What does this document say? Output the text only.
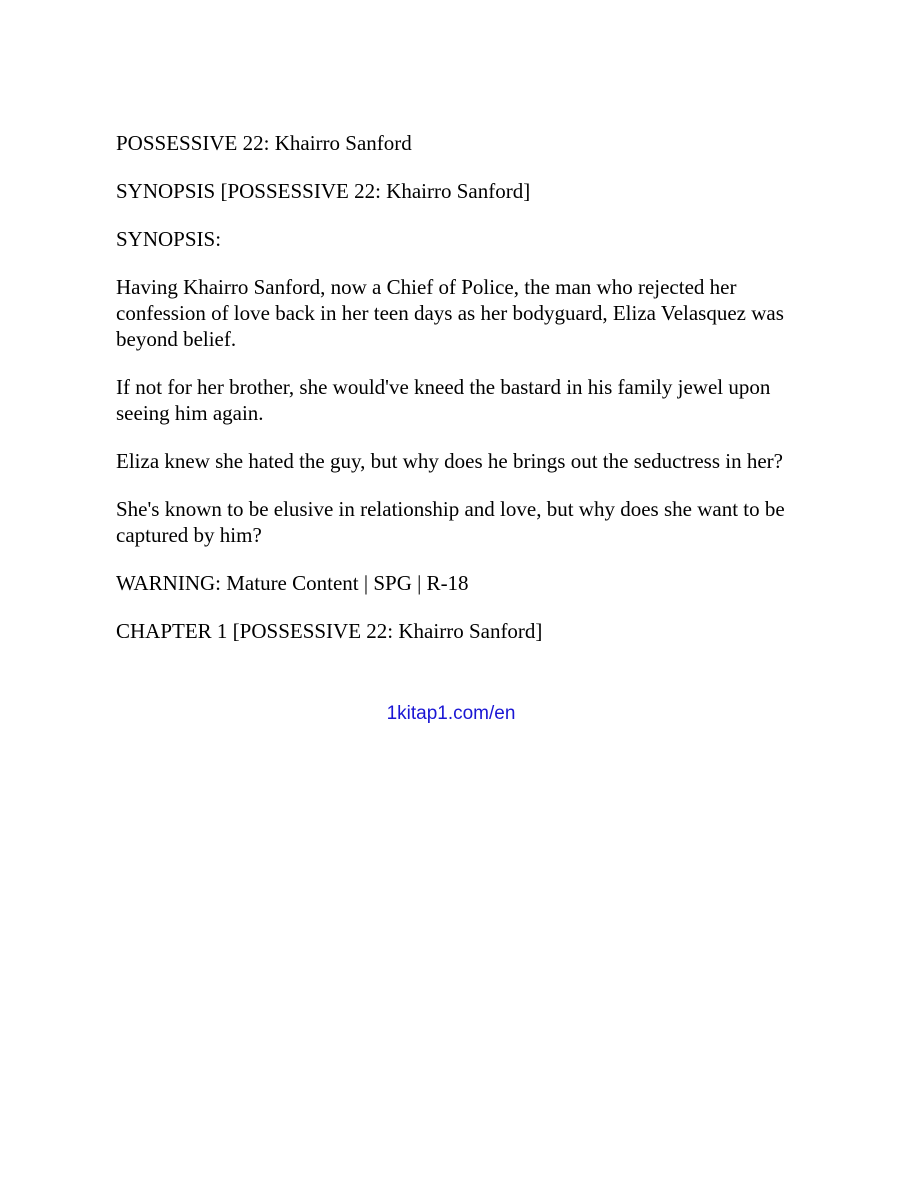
POSSESSIVE 22: Khairro Sanford

SYNOPSIS [POSSESSIVE 22: Khairro Sanford]

SYNOPSIS:

Having Khairro Sanford, now a Chief of Police, the man who rejected her confession of love back in her teen days as her bodyguard, Eliza Velasquez was beyond belief.

If not for her brother, she would've kneed the bastard in his family jewel upon seeing him again.

Eliza knew she hated the guy, but why does he brings out the seductress in her?

She's known to be elusive in relationship and love, but why does she want to be captured by him?

WARNING: Mature Content | SPG | R-18

CHAPTER 1 [POSSESSIVE 22: Khairro Sanford]

1kitap1.com/en
